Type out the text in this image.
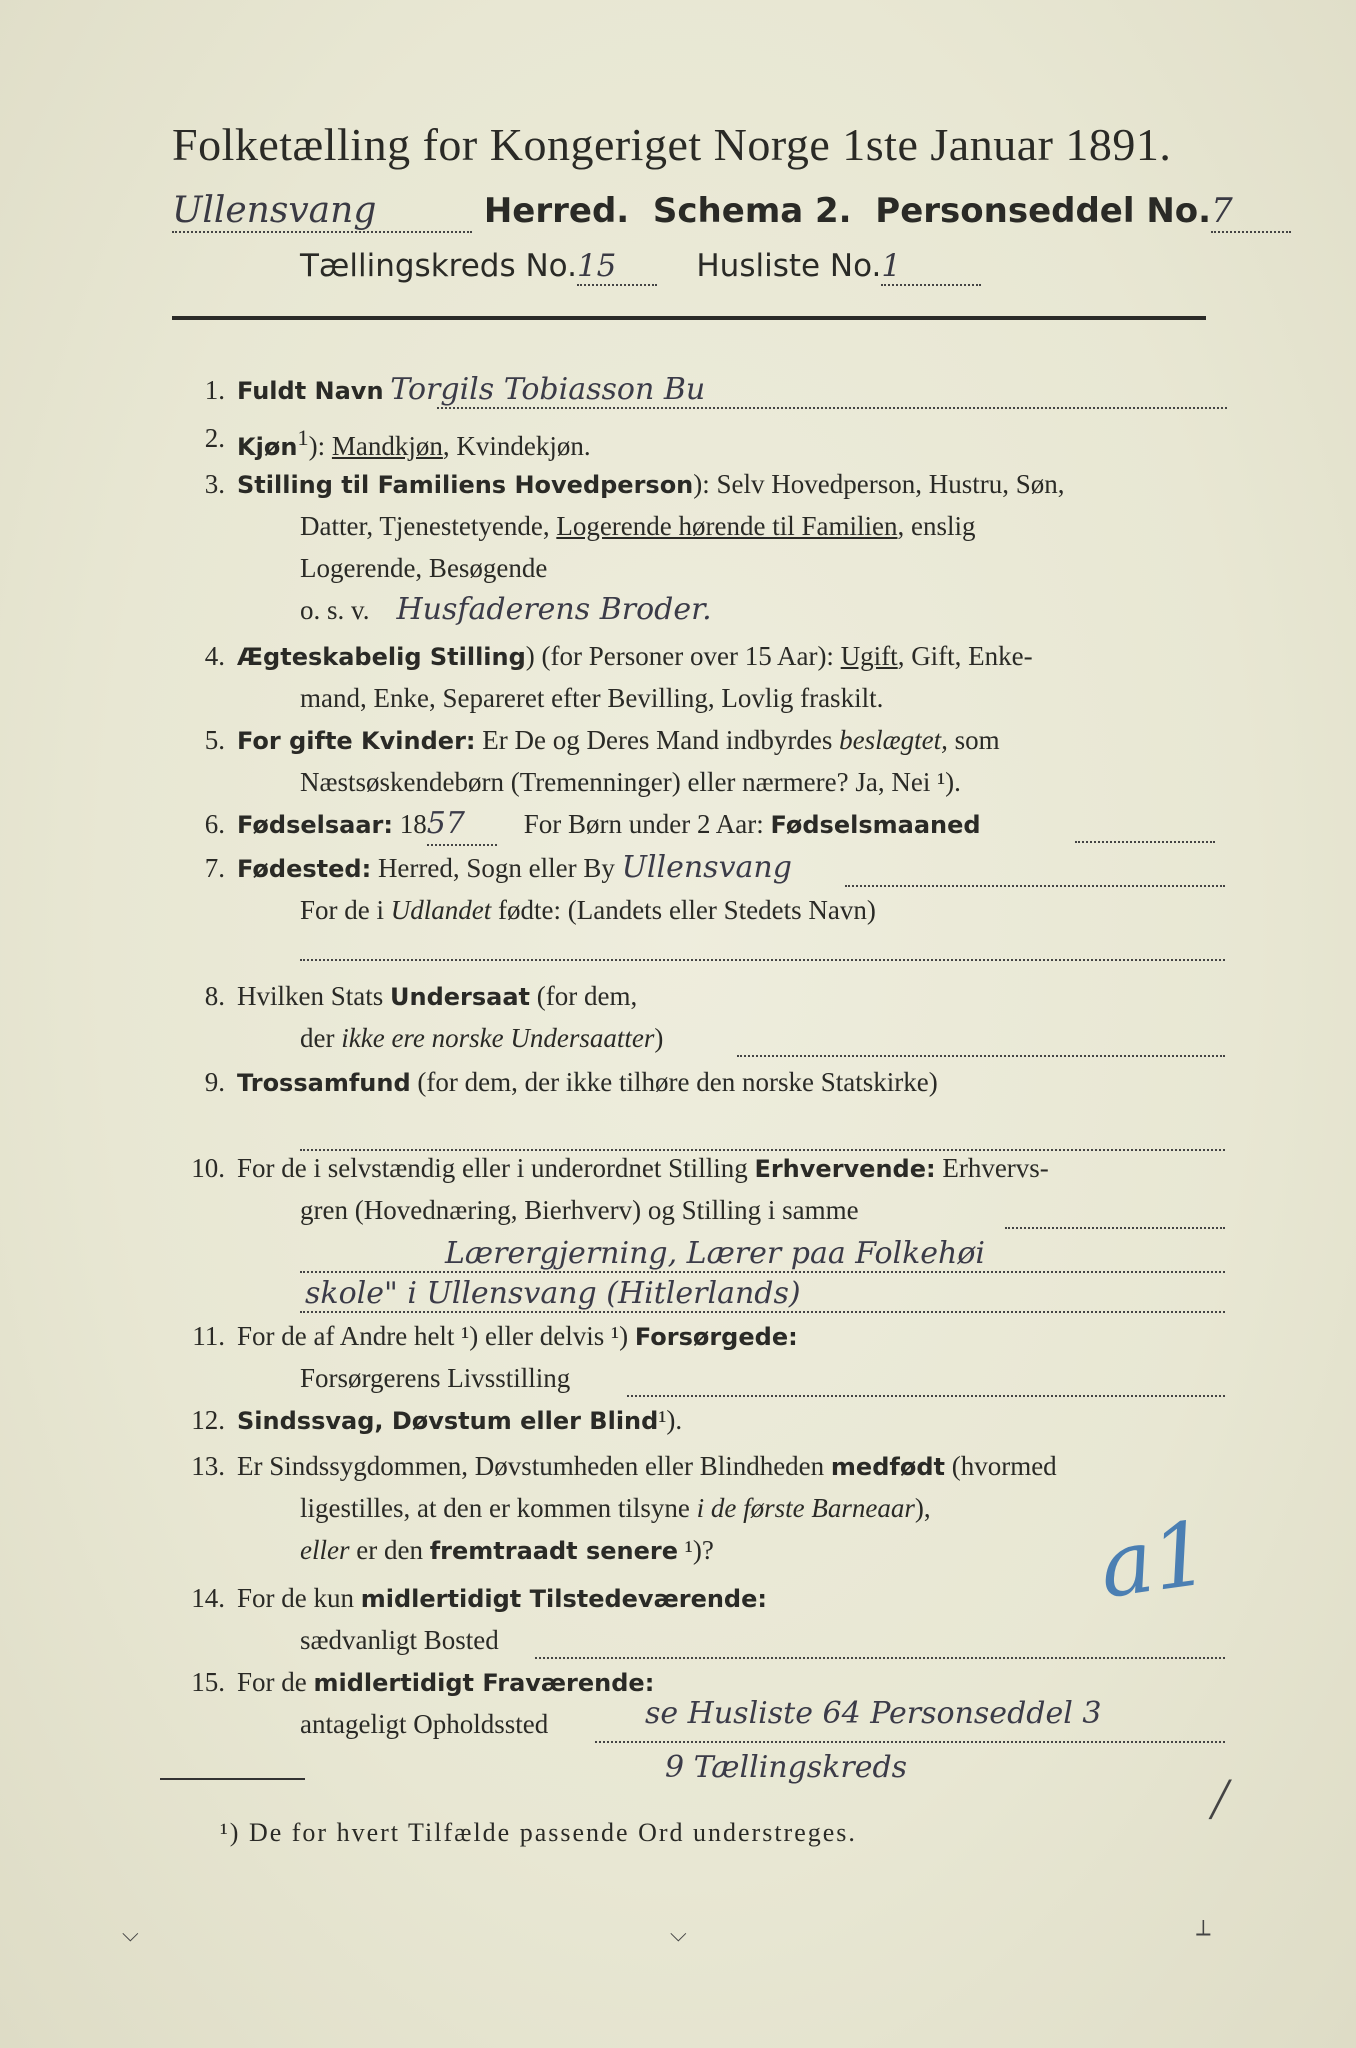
Folketælling for Kongeriget Norge 1ste Januar 1891.
Ullensvang	Herred. Schema 2. Personseddel No.7
Tællingskreds No.15	Husliste No.1
1. Fuldt Navn Torgils Tobiasson Bu
2. Kjøn$^1$): Mandkjøn, Kvindekjøn.
3. Stilling til Familiens Hovedperson): Selv Hovedperson, Hustru, Søn,
Datter, Tjenestetyende, Logerende hørende til Familien, enslig
Logerende, Besøgende
o. s. v. Husfaderens Broder.
4. Ægteskabelig Stilling) (for Personer over 15 Aar): Ugift, Gift, Enke-
mand, Enke, Separeret efter Bevilling, Lovlig fraskilt.
5. For gifte Kvinder: Er De og Deres Mand indbyrdes beslægtet, som
Næstsøskendebørn (Tremenninger) eller nærmere? Ja, Nei ¹).
6. Fødselsaar: 1857 For Børn under 2 Aar: Fødselsmaaned
7. Fødested: Herred, Sogn eller By Ullensvang
For de i Udlandet fødte: (Landets eller Stedets Navn)
8. Hvilken Stats Undersaat (for dem,
der ikke ere norske Undersaatter)
9. Trossamfund (for dem, der ikke tilhøre den norske Statskirke)
10. For de i selvstændig eller i underordnet Stilling Erhvervende: Erhvervs-
gren (Hovednæring, Bierhverv) og Stilling i samme
Lærergjerning, Lærer paa Folkehøi
skole" i Ullensvang (Hitlerlands)
11. For de af Andre helt ¹) eller delvis ¹) Forsørgede:
Forsørgerens Livsstilling
12. Sindssvag, Døvstum eller Blind¹).
13. Er Sindssygdommen, Døvstumheden eller Blindheden medfødt (hvormed
ligestilles, at den er kommen tilsyne i de første Barneaar),
eller er den fremtraadt senere ¹)?
14. For de kun midlertidigt Tilstedeværende:
sædvanligt Bosted
15. For de midlertidigt Fraværende:
antageligt Opholdssted	se Husliste 64 Personseddel 3
9 Tællingskreds
¹) De for hvert Tilfælde passende Ord understreges.
a1
╱
⌵	⌵	⟂
